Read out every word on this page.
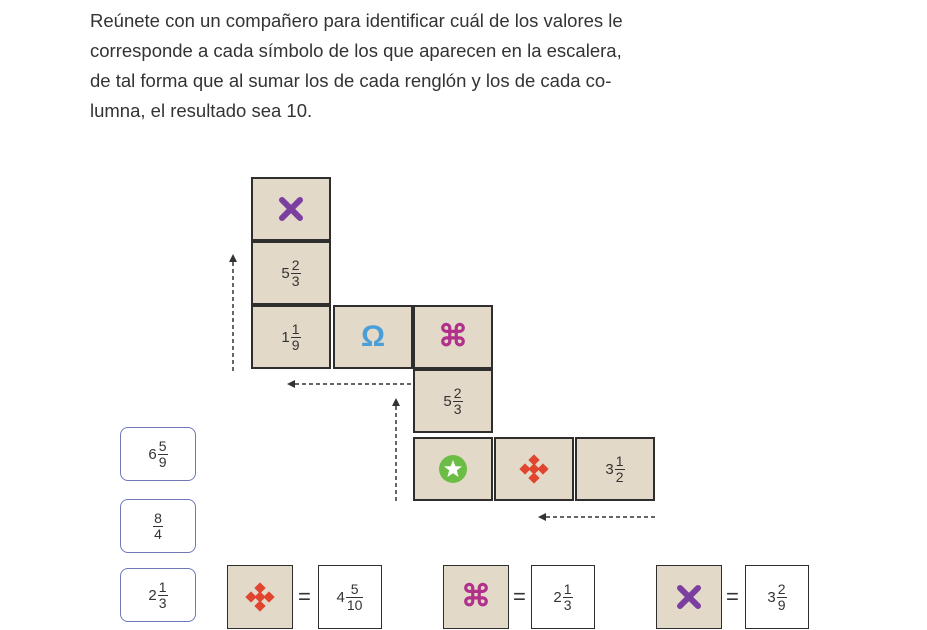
Reúnete con un compañero para identificar cuál de los valores le
corresponde a cada símbolo de los que aparecen en la escalera,
de tal forma que al sumar los de cada renglón y los de cada co-
lumna, el resultado sea 10.
$5 \frac{2}{3}$
$1 \frac{1}{9}$ Ω ⌘
$5 \frac{2}{3}$
$3 \frac{1}{2}$
$6 \frac{5}{9}$
$\frac{8}{4}$
$2 \frac{1}{3}$	= $4 \frac{5}{10}$	⌘ = $2 \frac{1}{3}$	= $3 \frac{2}{9}$
